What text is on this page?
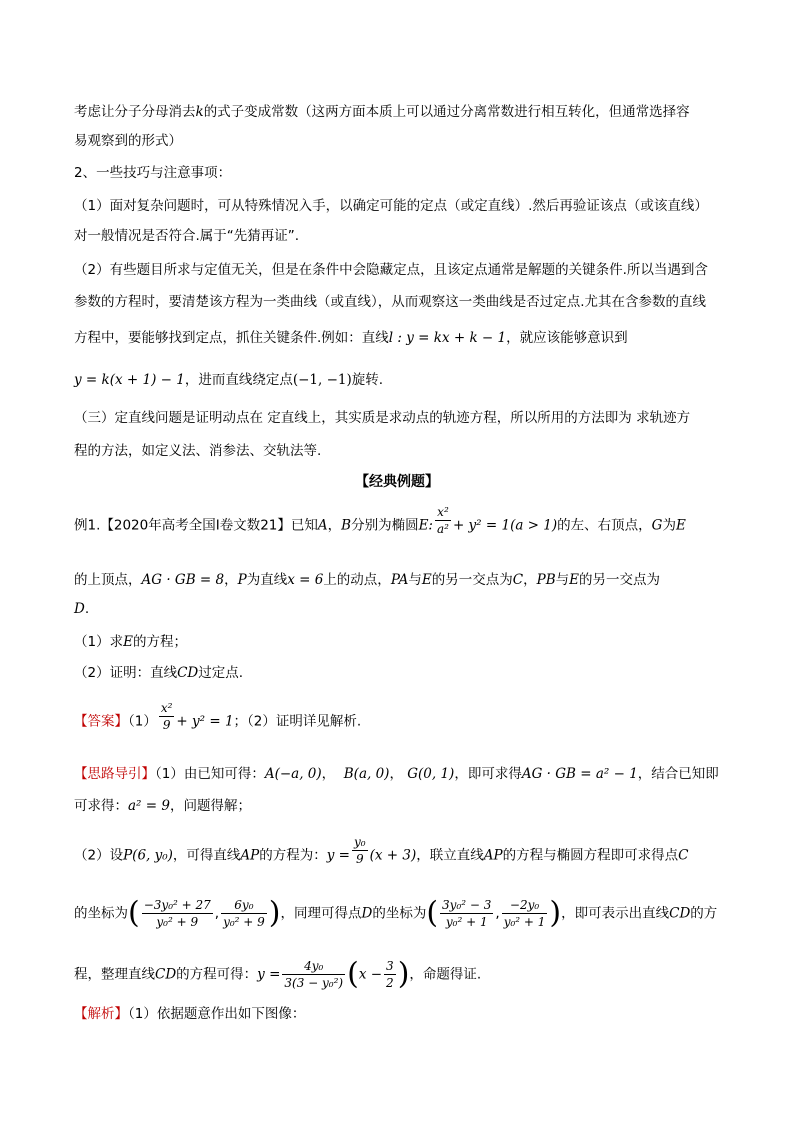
考虑让分子分母消去k的式子变成常数（这两方面本质上可以通过分离常数进行相互转化，但通常选择容
易观察到的形式）
2、一些技巧与注意事项：
（1）面对复杂问题时，可从特殊情况入手，以确定可能的定点（或定直线）.然后再验证该点（或该直线）
对一般情况是否符合.属于“先猜再证”.
（2）有些题目所求与定值无关，但是在条件中会隐藏定点，且该定点通常是解题的关键条件.所以当遇到含
参数的方程时，要清楚该方程为一类曲线（或直线），从而观察这一类曲线是否过定点.尤其在含参数的直线
方程中，要能够找到定点，抓住关键条件.例如：直线l : y = kx + k − 1，就应该能够意识到
y = k(x + 1) − 1，进而直线绕定点(−1, −1)旋转.
（三）定直线问题是证明动点在 定直线上，其实质是求动点的轨迹方程，所以所用的方法即为 求轨迹方
程的方法，如定义法、消参法、交轨法等.
【经典例题】
例1.【2020年高考全国Ⅰ卷文数21】已知A，B分别为椭圆E: $\frac{\text{x²}}{\text{a²}} + y^2 = 1(a > 1)$的左、右顶点，G为E
的上顶点，AG · GB = 8，P为直线x = 6上的动点，PA与E的另一交点为C，PB与E的另一交点为
D.
（1）求E的方程；
（2）证明：直线CD过定点.
【答案】$(1) \frac{\text{x²}}{9} + y^2 = 1$；（2）证明详见解析.
【思路导引】（1）由已知可得：A(−a, 0)，  B(a, 0)， G(0, 1)，即可求得AG · GB = a² − 1，结合已知即
可求得：a² = 9，问题得解；
（2）设P(6, y₀)，可得直线AP的方程为：$y = \frac{\text{y₀}}{9} (x + 3)$，联立直线AP的方程与椭圆方程即可求得点C
的坐标为( $\frac{\text{−3y₀² + 27}}{\text{y₀² + 9}}$ , $\frac{\text{6y₀}}{\text{y₀² + 9}}$ )，同理可得点D的坐标为( $\frac{\text{3y₀² − 3}}{\text{y₀² + 1}}$ , $\frac{\text{−2y₀}}{\text{y₀² + 1}}$ )，即可表示出直线CD的方
程，整理直线CD的方程可得：$y = \frac{\text{4y₀}}{\text{3(3 − y₀²)}} (x - \frac{3}{2}$ )，命题得证.
【解析】（1）依据题意作出如下图像：
